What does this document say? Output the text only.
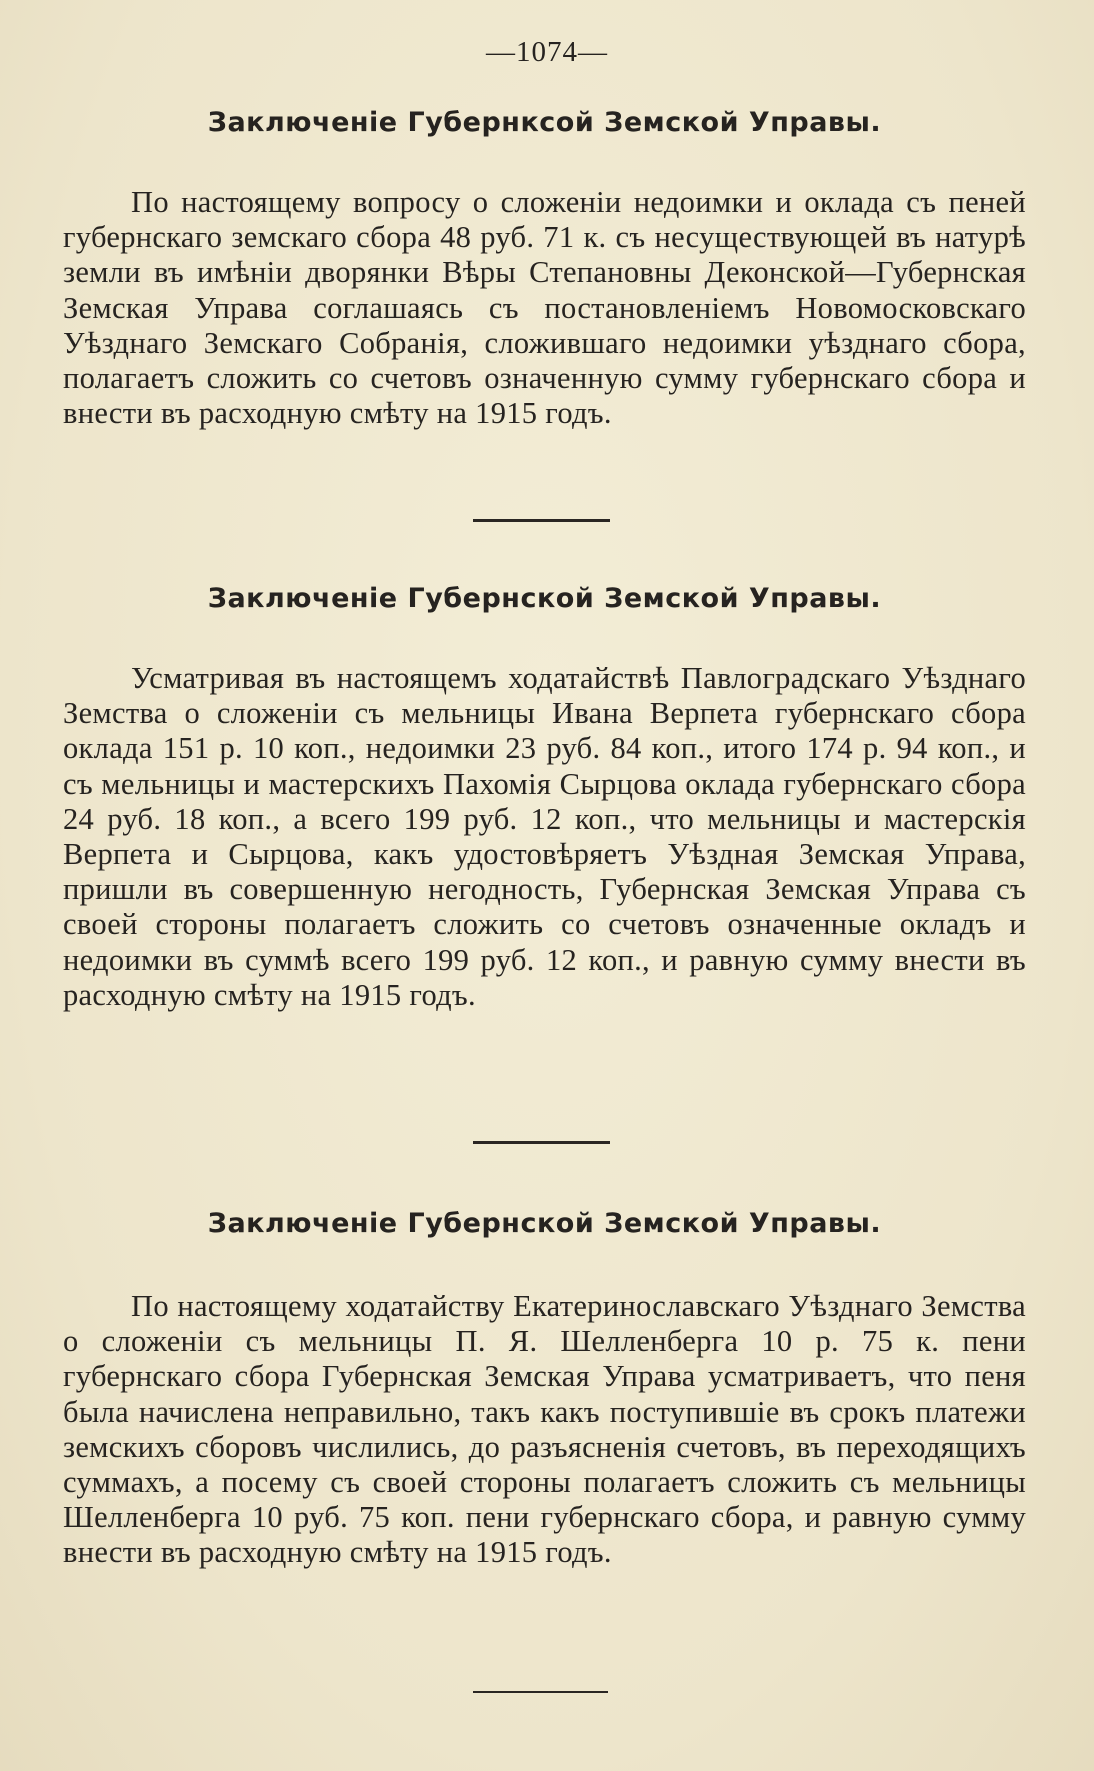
—1074—
Заключеніе Губернксой Земской Управы.

По настоящему вопросу о сложеніи недоимки и оклада съ пеней губернскаго земскаго сбора 48 руб. 71 к. съ несуществующей въ натурѣ земли въ имѣніи дворянки Вѣры Степановны Деконской—Губернская Земская Управа соглашаясь съ постановленіемъ Новомосковскаго Уѣзднаго Земскаго Собранія, сложившаго недоимки уѣзднаго сбора, полагаетъ сложить со счетовъ означенную сумму губернскаго сбора и внести въ расходную смѣту на 1915 годъ.

Заключеніе Губернской Земской Управы.

Усматривая въ настоящемъ ходатайствѣ Павлоградскаго Уѣзднаго Земства о сложеніи съ мельницы Ивана Верпета губернскаго сбора оклада 151 р. 10 коп., недоимки 23 руб. 84 коп., итого 174 р. 94 коп., и съ мельницы и мастерскихъ Пахомія Сырцова оклада губернскаго сбора 24 руб. 18 коп., а всего 199 руб. 12 коп., что мельницы и мастерскія Верпета и Сырцова, какъ удостовѣряетъ Уѣздная Земская Управа, пришли въ совершенную негодность, Губернская Земская Управа съ своей стороны полагаетъ сложить со счетовъ означенные окладъ и недоимки въ суммѣ всего 199 руб. 12 коп., и равную сумму внести въ расходную смѣту на 1915 годъ.

Заключеніе Губернской Земской Управы.

По настоящему ходатайству Екатеринославскаго Уѣзднаго Земства о сложеніи съ мельницы П. Я. Шелленберга 10 р. 75 к. пени губернскаго сбора Губернская Земская Управа усматриваетъ, что пеня была начислена неправильно, такъ какъ поступившіе въ срокъ платежи земскихъ сборовъ числились, до разъясненія счетовъ, въ переходящихъ суммахъ, а посему съ своей стороны полагаетъ сложить съ мельницы Шелленберга 10 руб. 75 коп. пени губернскаго сбора, и равную сумму внести въ расходную смѣту на 1915 годъ.
